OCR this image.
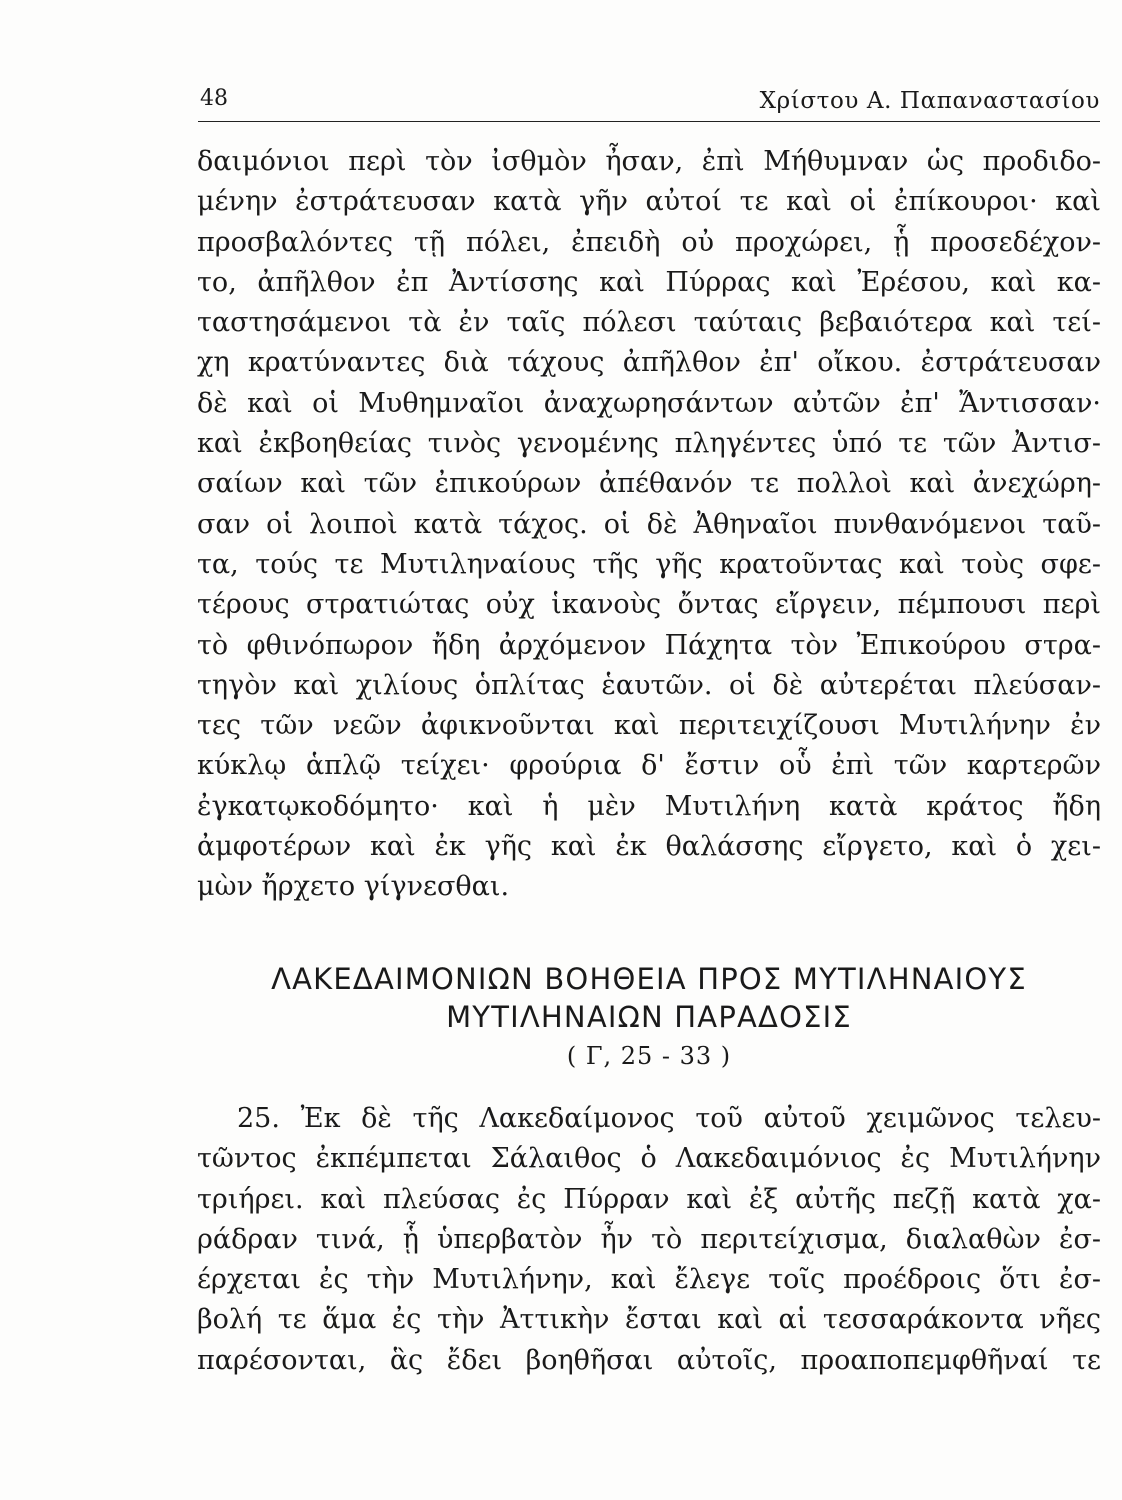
48	Χρίστου Α. Παπαναστασίου
δαιμόνιοι περὶ τὸν ἰσθμὸν ἦσαν, ἐπὶ Μήθυμναν ὡς προδιδο-
μένην ἐστράτευσαν κατὰ γῆν αὐτοί τε καὶ οἱ ἐπίκουροι· καὶ
προσβαλόντες τῇ πόλει, ἐπειδὴ οὐ προχώρει, ᾗ προσεδέχον-
το, ἀπῆλθον ἐπ Ἀντίσσης καὶ Πύρρας καὶ Ἐρέσου, καὶ κα-
ταστησάμενοι τὰ ἐν ταῖς πόλεσι ταύταις βεβαιότερα καὶ τεί-
χη κρατύναντες διὰ τάχους ἀπῆλθον ἐπ' οἴκου. ἐστράτευσαν
δὲ καὶ οἱ Μυθημναῖοι ἀναχωρησάντων αὐτῶν ἐπ' Ἄντισσαν·
καὶ ἐκβοηθείας τινὸς γενομένης πληγέντες ὑπό τε τῶν Ἀντισ-
σαίων καὶ τῶν ἐπικούρων ἀπέθανόν τε πολλοὶ καὶ ἀνεχώρη-
σαν οἱ λοιποὶ κατὰ τάχος. οἱ δὲ Ἀθηναῖοι πυνθανόμενοι ταῦ-
τα, τούς τε Μυτιληναίους τῆς γῆς κρατοῦντας καὶ τοὺς σφε-
τέρους στρατιώτας οὐχ ἱκανοὺς ὄντας εἴργειν, πέμπουσι περὶ
τὸ φθινόπωρον ἤδη ἀρχόμενον Πάχητα τὸν Ἐπικούρου στρα-
τηγὸν καὶ χιλίους ὁπλίτας ἑαυτῶν. οἱ δὲ αὐτερέται πλεύσαν-
τες τῶν νεῶν ἀφικνοῦνται καὶ περιτειχίζουσι Μυτιλήνην ἐν
κύκλῳ ἁπλῷ τείχει· φρούρια δ' ἔστιν οὗ ἐπὶ τῶν καρτερῶν
ἐγκατῳκοδόμητο· καὶ ἡ μὲν Μυτιλήνη κατὰ κράτος ἤδη
ἀμφοτέρων καὶ ἐκ γῆς καὶ ἐκ θαλάσσης εἴργετο, καὶ ὁ χει-
μὼν ἤρχετο γίγνεσθαι.
ΛΑΚΕΔΑΙΜΟΝΙΩΝ ΒΟΗΘΕΙΑ ΠΡΟΣ ΜΥΤΙΛΗΝΑΙΟΥΣ
ΜΥΤΙΛΗΝΑΙΩΝ ΠΑΡΑΔΟΣΙΣ
( Γ, 25 - 33 )
25. Ἐκ δὲ τῆς Λακεδαίμονος τοῦ αὐτοῦ χειμῶνος τελευ-
τῶντος ἐκπέμπεται Σάλαιθος ὁ Λακεδαιμόνιος ἐς Μυτιλήνην
τριήρει. καὶ πλεύσας ἐς Πύρραν καὶ ἐξ αὐτῆς πεζῇ κατὰ χα-
ράδραν τινά, ᾗ ὑπερβατὸν ἦν τὸ περιτείχισμα, διαλαθὼν ἐσ-
έρχεται ἐς τὴν Μυτιλήνην, καὶ ἔλεγε τοῖς προέδροις ὅτι ἐσ-
βολή τε ἅμα ἐς τὴν Ἀττικὴν ἔσται καὶ αἱ τεσσαράκοντα νῆες
παρέσονται, ἃς ἔδει βοηθῆσαι αὐτοῖς, προαποπεμφθῆναί τε
